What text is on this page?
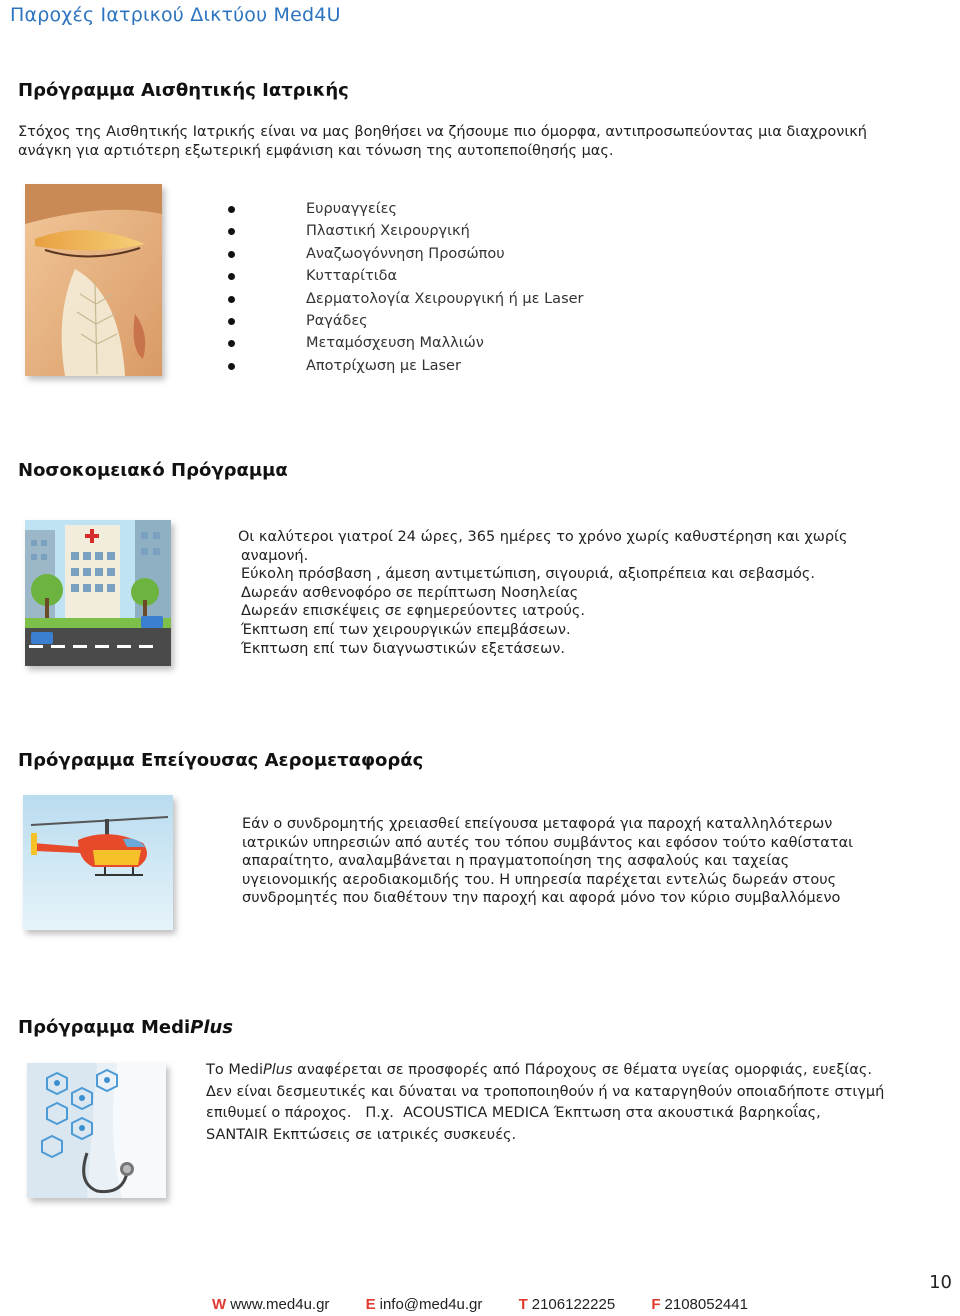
Παροχές Ιατρικού Δικτύου Med4U
Πρόγραμμα Αισθητικής Ιατρικής
Στόχος της Αισθητικής Ιατρικής είναι να μας βοηθήσει να ζήσουμε πιο όμορφα, αντιπροσωπεύοντας μια διαχρονική
ανάγκη για αρτιότερη εξωτερική εμφάνιση και τόνωση της αυτοπεποίθησής μας.
Ευρυαγγείες
Πλαστική Χειρουργική
Αναζωογόννηση Προσώπου
Κυτταρίτιδα
Δερματολογία Χειρουργική ή με Laser
Ραγάδες
Μεταμόσχευση Μαλλιών
Αποτρίχωση με Laser
Νοσοκομειακό Πρόγραμμα
Οι καλύτεροι γιατροί 24 ώρες, 365 ημέρες το χρόνο χωρίς καθυστέρηση και χωρίς
αναμονή.
Εύκολη πρόσβαση , άμεση αντιμετώπιση, σιγουριά, αξιοπρέπεια και σεβασμός.
Δωρεάν ασθενοφόρο σε περίπτωση Νοσηλείας
Δωρεάν επισκέψεις σε εφημερεύοντες ιατρούς.
Έκπτωση επί των χειρουργικών επεμβάσεων.
Έκπτωση επί των διαγνωστικών εξετάσεων.
Πρόγραμμα Επείγουσας Αερομεταφοράς
Εάν ο συνδρομητής χρειασθεί επείγουσα μεταφορά για παροχή καταλληλότερων
ιατρικών υπηρεσιών από αυτές του τόπου συμβάντος και εφόσον τούτο καθίσταται
απαραίτητο, αναλαμβάνεται η πραγματοποίηση της ασφαλούς και ταχείας
υγειονομικής αεροδιακομιδής του. Η υπηρεσία παρέχεται εντελώς δωρεάν στους
συνδρομητές που διαθέτουν την παροχή και αφορά μόνο τον κύριο συμβαλλόμενο
Πρόγραμμα MediPlus
Το MediPlus αναφέρεται σε προσφορές από Πάροχους σε θέματα υγείας ομορφιάς, ευεξίας.
Δεν είναι δεσμευτικές και δύναται να τροποποιηθούν ή να καταργηθούν οποιαδήποτε στιγμή
επιθυμεί ο πάροχος.   Π.χ.  ACOUSTICA MEDICA Έκπτωση στα ακουστικά βαρηκοΐας,
SANTAIR Εκπτώσεις σε ιατρικές συσκευές.
10
W www.med4u.gr E info@med4u.gr T 2106122225 F 2108052441
